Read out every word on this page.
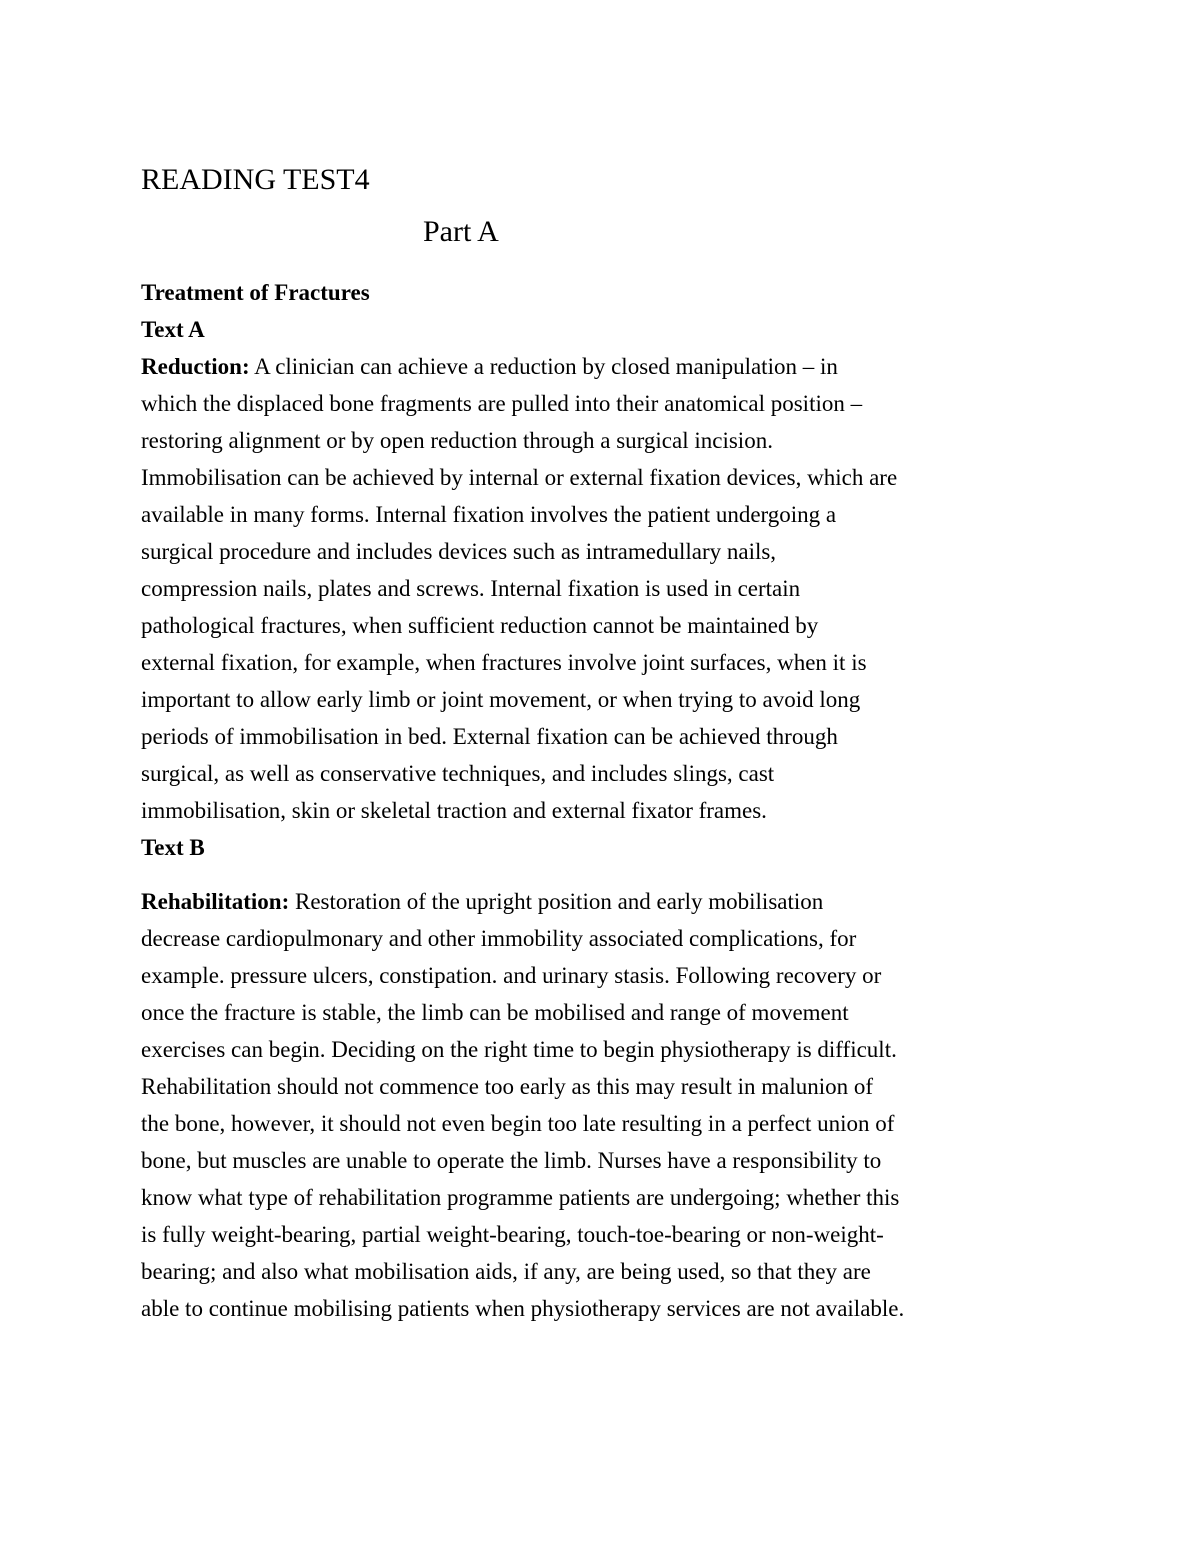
READING TEST4
Part A
Treatment of Fractures
Text A
Reduction: A clinician can achieve a reduction by closed manipulation – in
which the displaced bone fragments are pulled into their anatomical position –
restoring alignment or by open reduction through a surgical incision.
Immobilisation can be achieved by internal or external fixation devices, which are
available in many forms. Internal fixation involves the patient undergoing a
surgical procedure and includes devices such as intramedullary nails,
compression nails, plates and screws. Internal fixation is used in certain
pathological fractures, when sufficient reduction cannot be maintained by
external fixation, for example, when fractures involve joint surfaces, when it is
important to allow early limb or joint movement, or when trying to avoid long
periods of immobilisation in bed. External fixation can be achieved through
surgical, as well as conservative techniques, and includes slings, cast
immobilisation, skin or skeletal traction and external fixator frames.
Text B
Rehabilitation: Restoration of the upright position and early mobilisation
decrease cardiopulmonary and other immobility associated complications, for
example. pressure ulcers, constipation. and urinary stasis. Following recovery or
once the fracture is stable, the limb can be mobilised and range of movement
exercises can begin. Deciding on the right time to begin physiotherapy is difficult.
Rehabilitation should not commence too early as this may result in malunion of
the bone, however, it should not even begin too late resulting in a perfect union of
bone, but muscles are unable to operate the limb. Nurses have a responsibility to
know what type of rehabilitation programme patients are undergoing; whether this
is fully weight-bearing, partial weight-bearing, touch-toe-bearing or non-weight-
bearing; and also what mobilisation aids, if any, are being used, so that they are
able to continue mobilising patients when physiotherapy services are not available.
